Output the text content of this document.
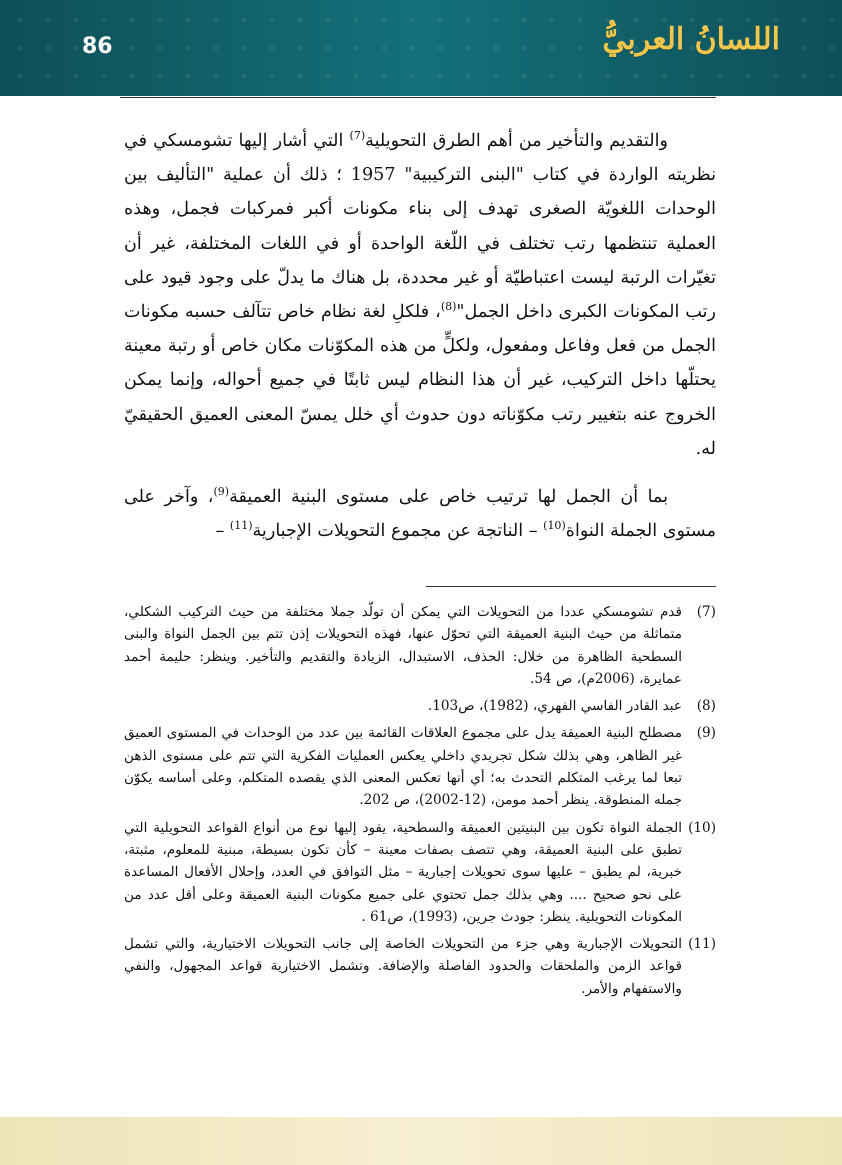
86	اللسانُ العربيُّ

والتقديم والتأخير من أهم الطرق التحويلية$^{(7)}$ التي أشار إليها تشومسكي في نظريته الواردة في كتاب "البنى التركيبية" 1957 ؛ ذلك أن عملية "التأليف بين الوحدات اللغويّة الصغرى تهدف إلى بناء مكونات أكبر فمركبات فجمل، وهذه العملية تنتظمها رتب تختلف في اللّغة الواحدة أو في اللغات المختلفة، غير أن تغيّرات الرتبة ليست اعتباطيّة أو غير محددة، بل هناك ما يدلّ على وجود قيود على رتب المكونات الكبرى داخل الجمل"$^{(8)}$، فلكلِ لغة نظام خاص تتآلف حسبه مكونات الجمل من فعل وفاعل ومفعول، ولكلٍّ من هذه المكوّنات مكان خاص أو رتبة معينة يحتلّها داخل التركيب، غير أن هذا النظام ليس ثابتًا في جميع أحواله، وإنما يمكن الخروج عنه بتغيير رتب مكوّناته دون حدوث أي خلل يمسّ المعنى العميق الحقيقيّ له.

بما أن الجمل لها ترتيب خاص على مستوى البنية العميقة$^{(9)}$، وآخر على مستوى الجملة النواة$^{(10)}$ – الناتجة عن مجموع التحويلات الإجبارية$^{(11)}$ –

(7)
قدم تشومسكي عددا من التحويلات التي يمكن أن تولّد جملا مختلفة من حيث التركيب الشكلي، متماثلة من حيث البنية العميقة التي تحوّل عنها، فهذه التحويلات إذن تتم بين الجمل النواة والبنى السطحية الظاهرة من خلال: الحذف، الاستبدال، الزيادة والتقديم والتأخير. وينظر: حليمة أحمد عمايرة، (2006م)، ص 54.
(8)
عبد القادر الفاسي الفهري، (1982)، ص103.
(9)
مصطلح البنية العميقة يدل على مجموع العلاقات القائمة بين عدد من الوحدات في المستوى العميق غير الظاهر، وهي بذلك شكل تجريدي داخلي يعكس العمليات الفكرية التي تتم على مستوى الذهن تبعا لما يرغب المتكلم التحدث به؛ أي أنها تعكس المعنى الذي يقصده المتكلم، وعلى أساسه يكوّن جمله المنطوقة. ينظر أحمد مومن، (12-2002)، ص 202.
(10)
الجملة النواة تكون بين البنيتين العميقة والسطحية، يقود إليها نوع من أنواع القواعد التحويلية التي تطبق على البنية العميقة، وهي تتصف بصفات معينة – كأن تكون بسيطة، مبنية للمعلوم، مثبتة، خبرية، لم يطبق – عليها سوى تحويلات إجبارية – مثل التوافق في العدد، وإحلال الأفعال المساعدة على نحو صحيح .... وهي بذلك جمل تحتوي على جميع مكونات البنية العميقة وعلى أقل عدد من المكونات التحويلية. ينظر: جودث جرين، (1993)، ص61 .
(11)
التحويلات الإجبارية وهي جزء من التحويلات الخاصة إلى جانب التحويلات الاختيارية، والتي تشمل قواعد الزمن والملحقات والحدود الفاصلة والإضافة. وتشمل الاختيارية قواعد المجهول، والنفي والاستفهام والأمر.
